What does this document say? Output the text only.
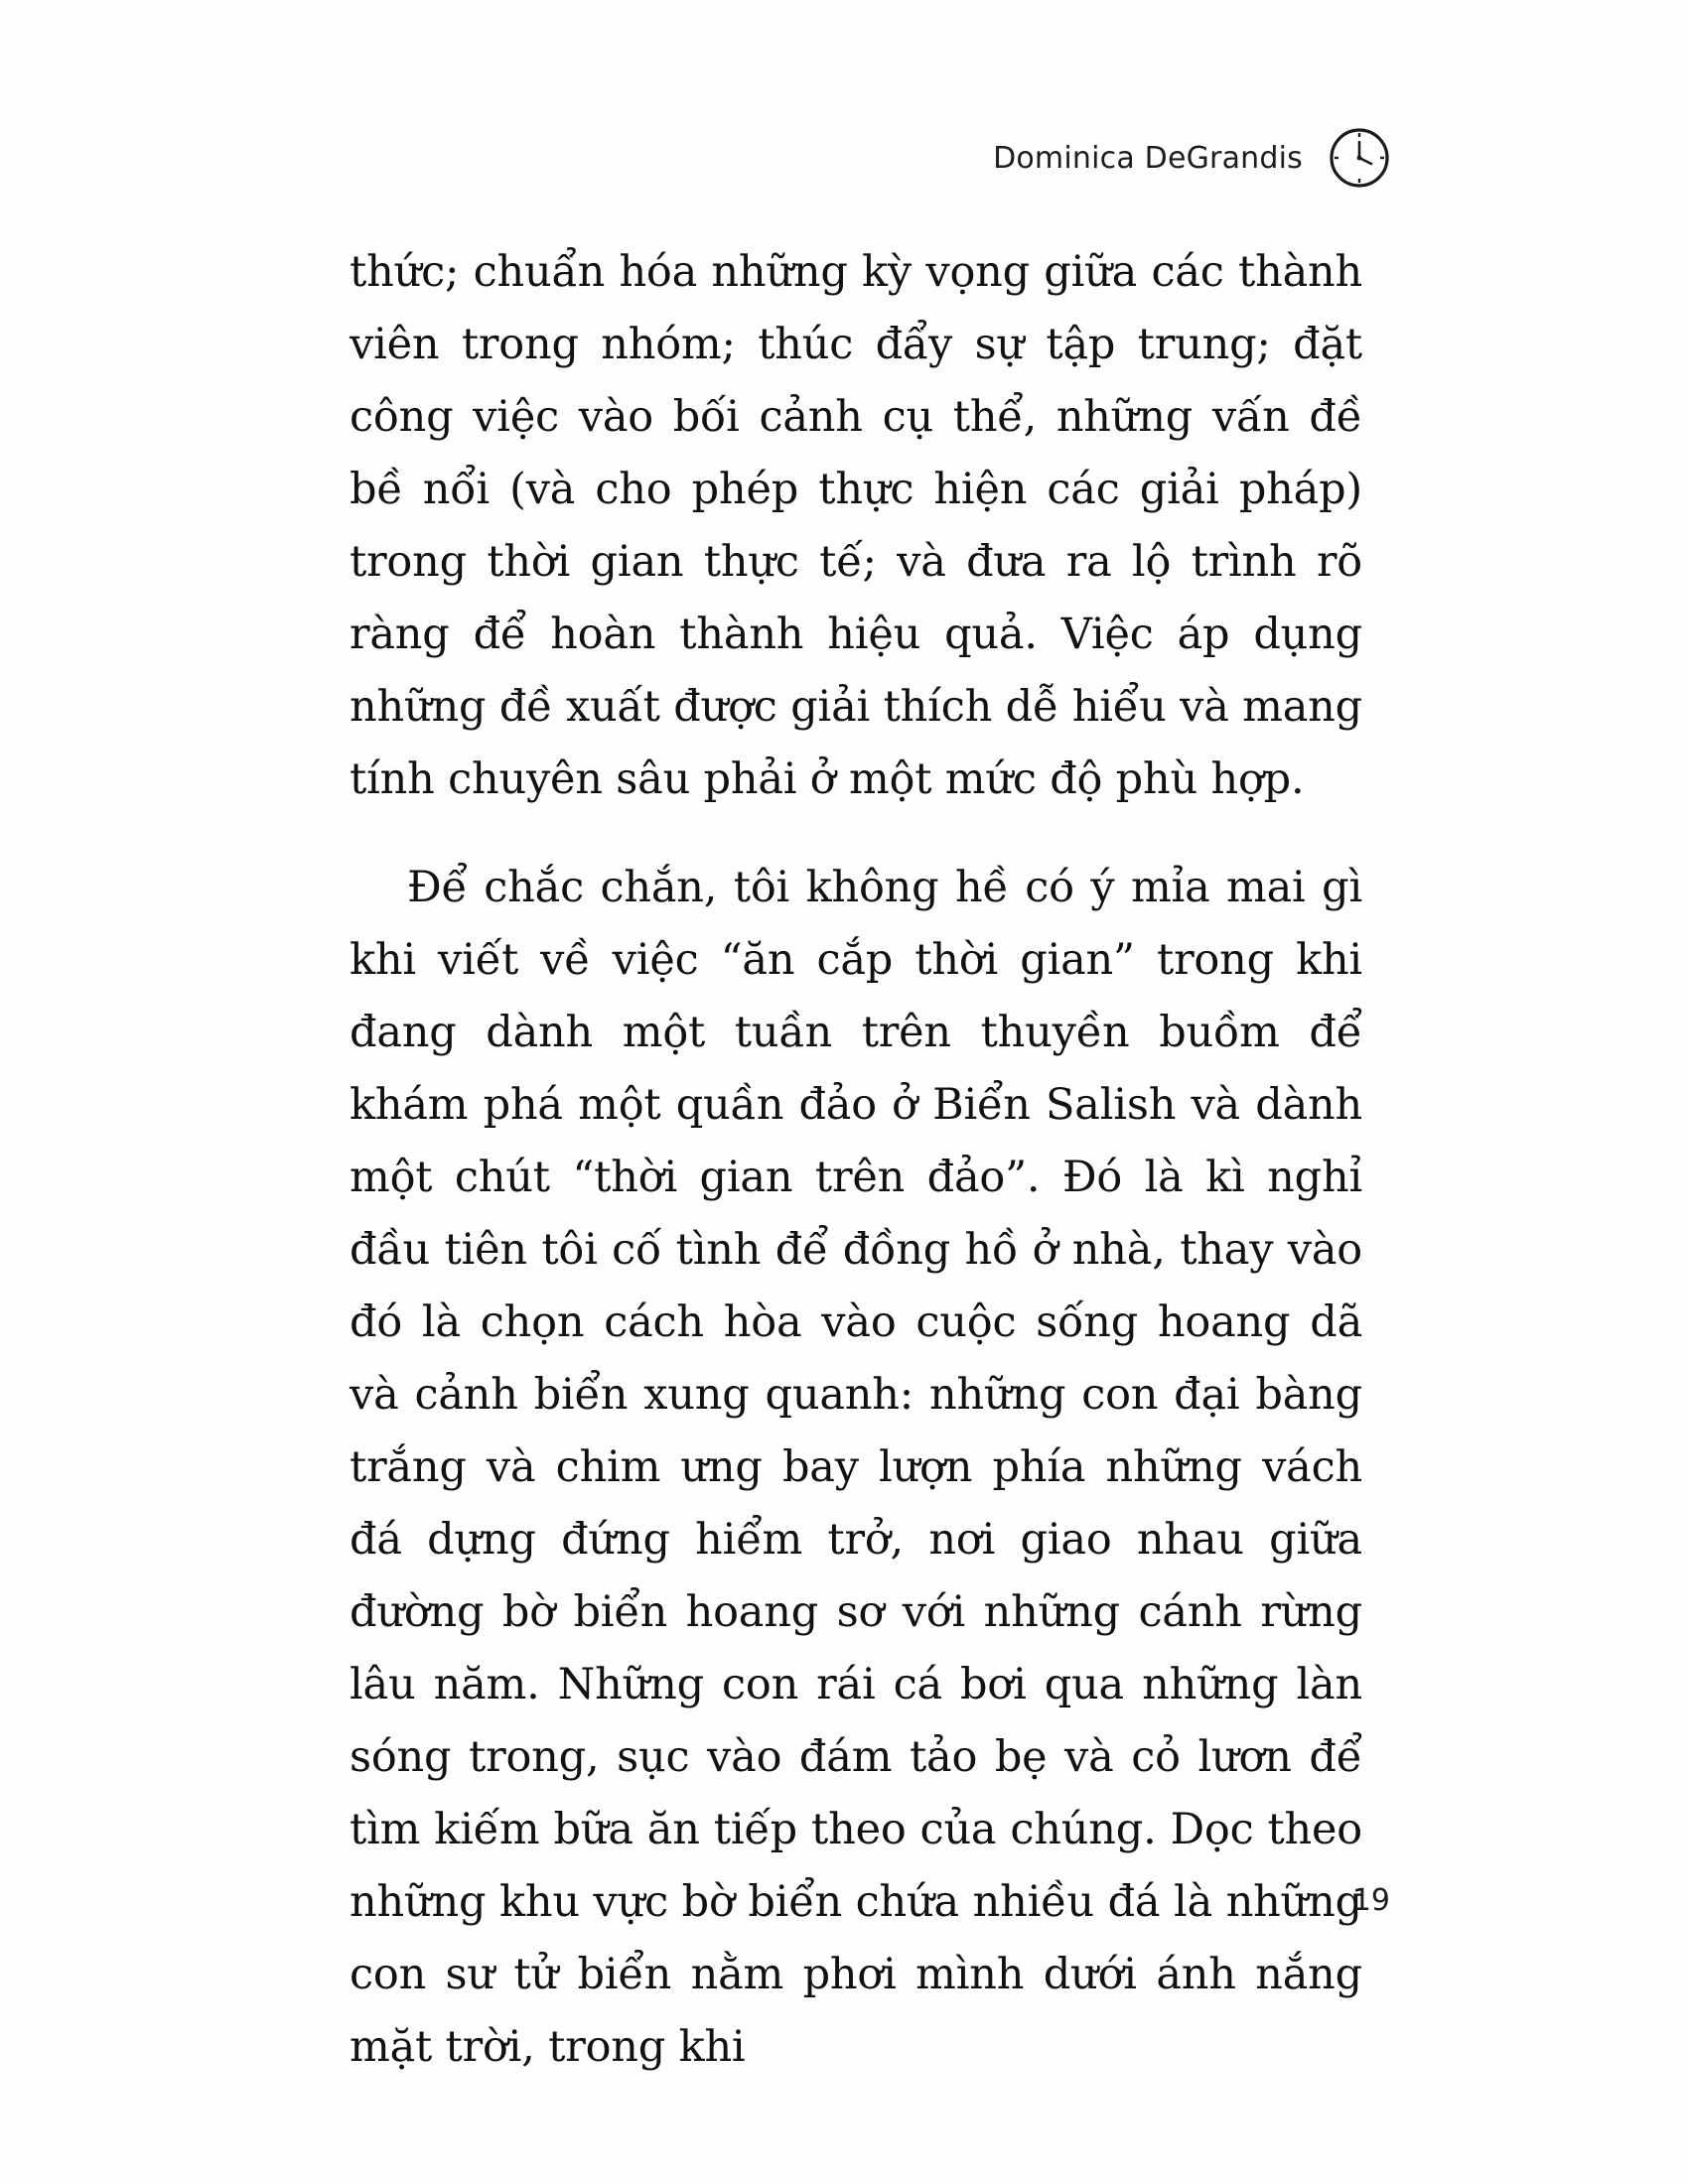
Dominica DeGrandis

thức; chuẩn hóa những kỳ vọng giữa các thành viên trong nhóm; thúc đẩy sự tập trung; đặt công việc vào bối cảnh cụ thể, những vấn đề bề nổi (và cho phép thực hiện các giải pháp) trong thời gian thực tế; và đưa ra lộ trình rõ ràng để hoàn thành hiệu quả. Việc áp dụng những đề xuất được giải thích dễ hiểu và mang tính chuyên sâu phải ở một mức độ phù hợp.

Để chắc chắn, tôi không hề có ý mỉa mai gì khi viết về việc “ăn cắp thời gian” trong khi đang dành một tuần trên thuyền buồm để khám phá một quần đảo ở Biển Salish và dành một chút “thời gian trên đảo”. Đó là kì nghỉ đầu tiên tôi cố tình để đồng hồ ở nhà, thay vào đó là chọn cách hòa vào cuộc sống hoang dã và cảnh biển xung quanh: những con đại bàng trắng và chim ưng bay lượn phía những vách đá dựng đứng hiểm trở, nơi giao nhau giữa đường bờ biển hoang sơ với những cánh rừng lâu năm. Những con rái cá bơi qua những làn sóng trong, sục vào đám tảo bẹ và cỏ lươn để tìm kiếm bữa ăn tiếp theo của chúng. Dọc theo những khu vực bờ biển chứa nhiều đá là những con sư tử biển nằm phơi mình dưới ánh nắng mặt trời, trong khi

19
